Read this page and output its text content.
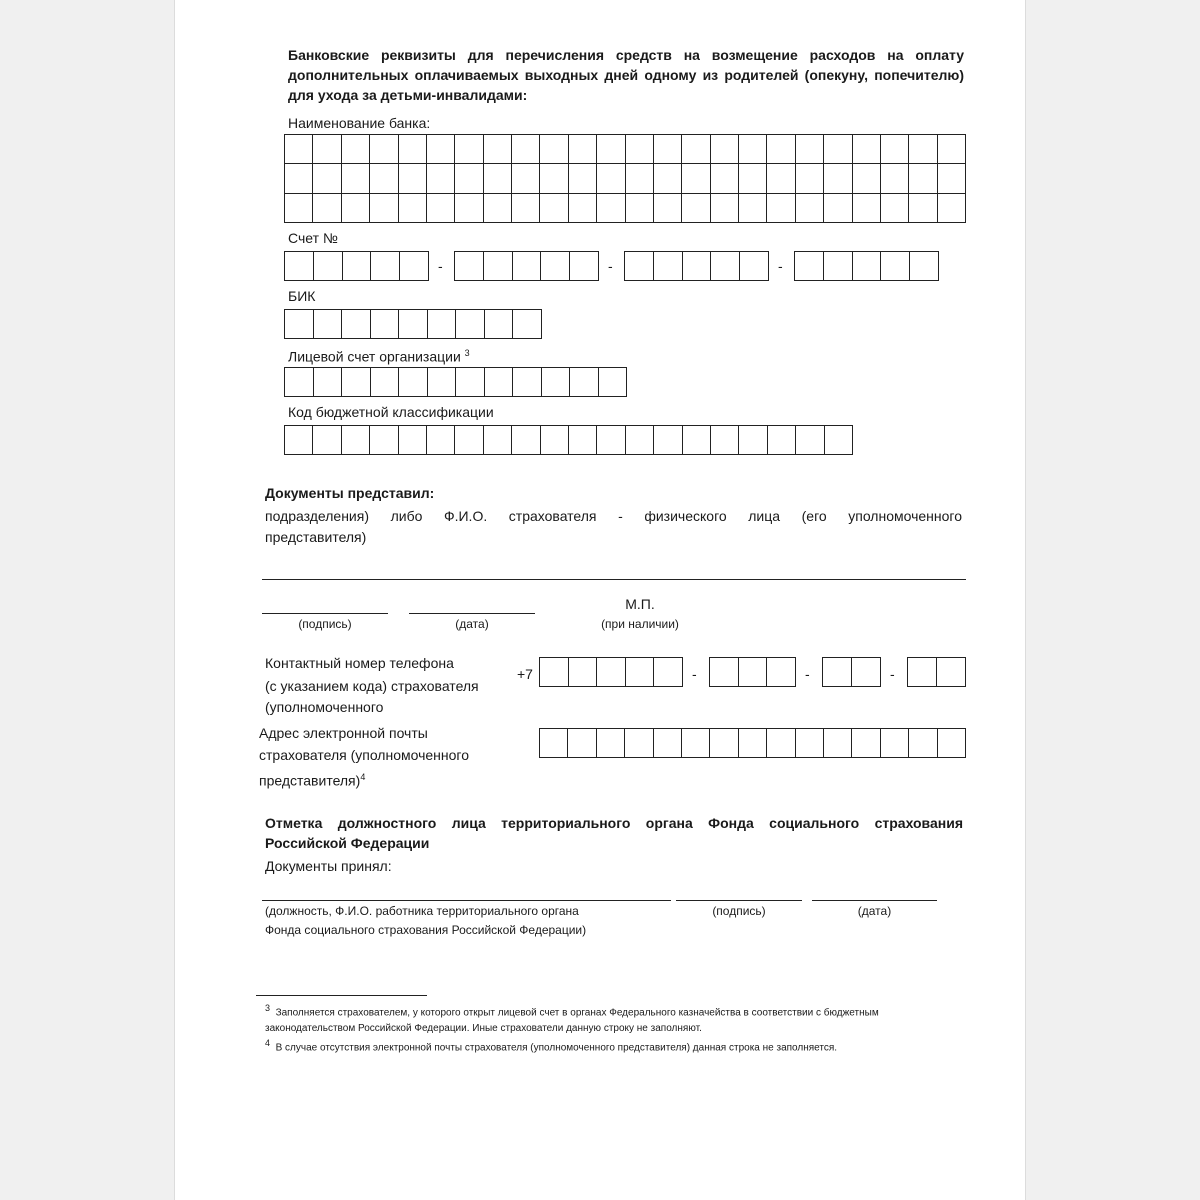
Банковские реквизиты для перечисления средств на возмещение расходов на оплату дополнительных оплачиваемых выходных дней одному из родителей (опекуну, попечителю) для ухода за детьми-инвалидами:
Наименование банка:
Счет №
-	-	-
БИК
Лицевой счет организации $^3$
Код бюджетной классификации
Документы представил:
подразделения) либо Ф.И.О. страхователя - физического лица (его уполномоченного
представителя)
(подпись)	(дата)
М.П.
(при наличии)
Контактный номер телефона
(с указанием кода) страхователя
(уполномоченного
+7	-	-	-
Адрес электронной почты
страхователя (уполномоченного
представителя)$^4$
Отметка должностного лица территориального органа Фонда социального страхования Российской Федерации
Документы принял:
(должность, Ф.И.О. работника территориального органа
Фонда социального страхования Российской Федерации)
(подпись)	(дата)
$^3$ Заполняется страхователем, у которого открыт лицевой счет в органах Федерального казначейства в соответствии с бюджетным
законодательством Российской Федерации. Иные страхователи данную строку не заполняют.
$^4$ В случае отсутствия электронной почты страхователя (уполномоченного представителя) данная строка не заполняется.
